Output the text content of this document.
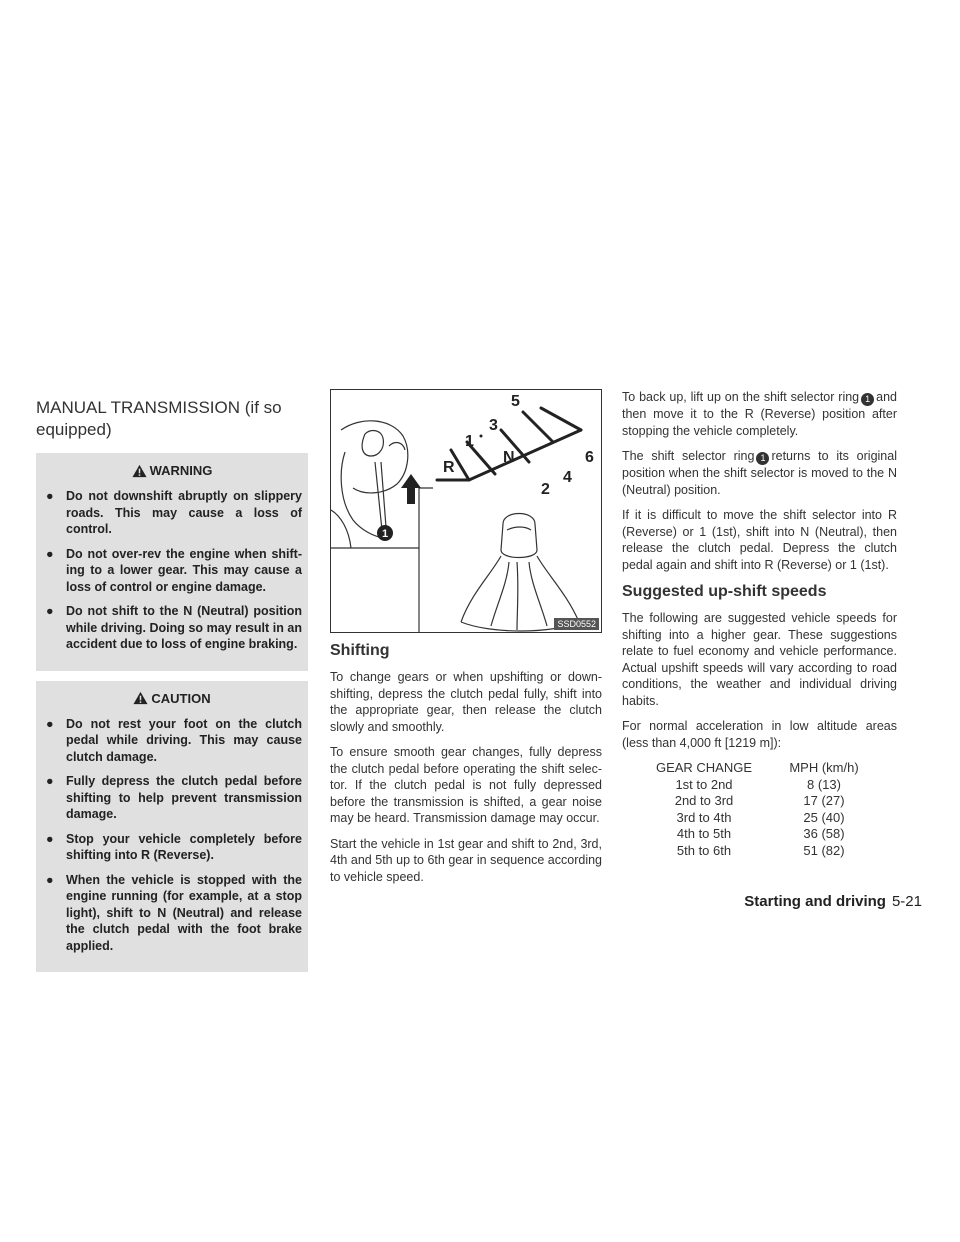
MANUAL TRANSMISSION (if so equipped)
WARNING
● Do not downshift abruptly on slippery roads. This may cause a loss of control.
● Do not over-rev the engine when shift- ing to a lower gear. This may cause a loss of control or engine damage.
● Do not shift to the N (Neutral) position while driving. Doing so may result in an accident due to loss of engine braking.
CAUTION
● Do not rest your foot on the clutch pedal while driving. This may cause clutch damage.
● Fully depress the clutch pedal before shifting to help prevent transmission damage.
● Stop your vehicle completely before shifting into R (Reverse).
● When the vehicle is stopped with the engine running (for example, at a stop light), shift to N (Neutral) and release the clutch pedal with the foot brake applied.
1
3
5
1
N
R
6
4
2
SSD0552
Shifting

To change gears or when upshifting or down- shifting, depress the clutch pedal fully, shift into the appropriate gear, then release the clutch slowly and smoothly.

To ensure smooth gear changes, fully depress the clutch pedal before operating the shift selec- tor. If the clutch pedal is not fully depressed before the transmission is shifted, a gear noise may be heard. Transmission damage may occur.

Start the vehicle in 1st gear and shift to 2nd, 3rd, 4th and 5th up to 6th gear in sequence according to vehicle speed.

To back up, lift up on the shift selector ring 1 and then move it to the R (Reverse) position after stopping the vehicle completely.

The shift selector ring 1 returns to its original position when the shift selector is moved to the N (Neutral) position.

If it is difficult to move the shift selector into R (Reverse) or 1 (1st), shift into N (Neutral), then release the clutch pedal. Depress the clutch pedal again and shift into R (Reverse) or 1 (1st).

Suggested up-shift speeds

The following are suggested vehicle speeds for shifting into a higher gear. These suggestions relate to fuel economy and vehicle performance. Actual upshift speeds will vary according to road conditions, the weather and individual driving habits.

For normal acceleration in low altitude areas (less than 4,000 ft [1219 m]):

GEAR CHANGE	MPH (km/h)
1st to 2nd	8 (13)
2nd to 3rd	17 (27)
3rd to 4th	25 (40)
4th to 5th	36 (58)
5th to 6th	51 (82)
Starting and driving 5-21
